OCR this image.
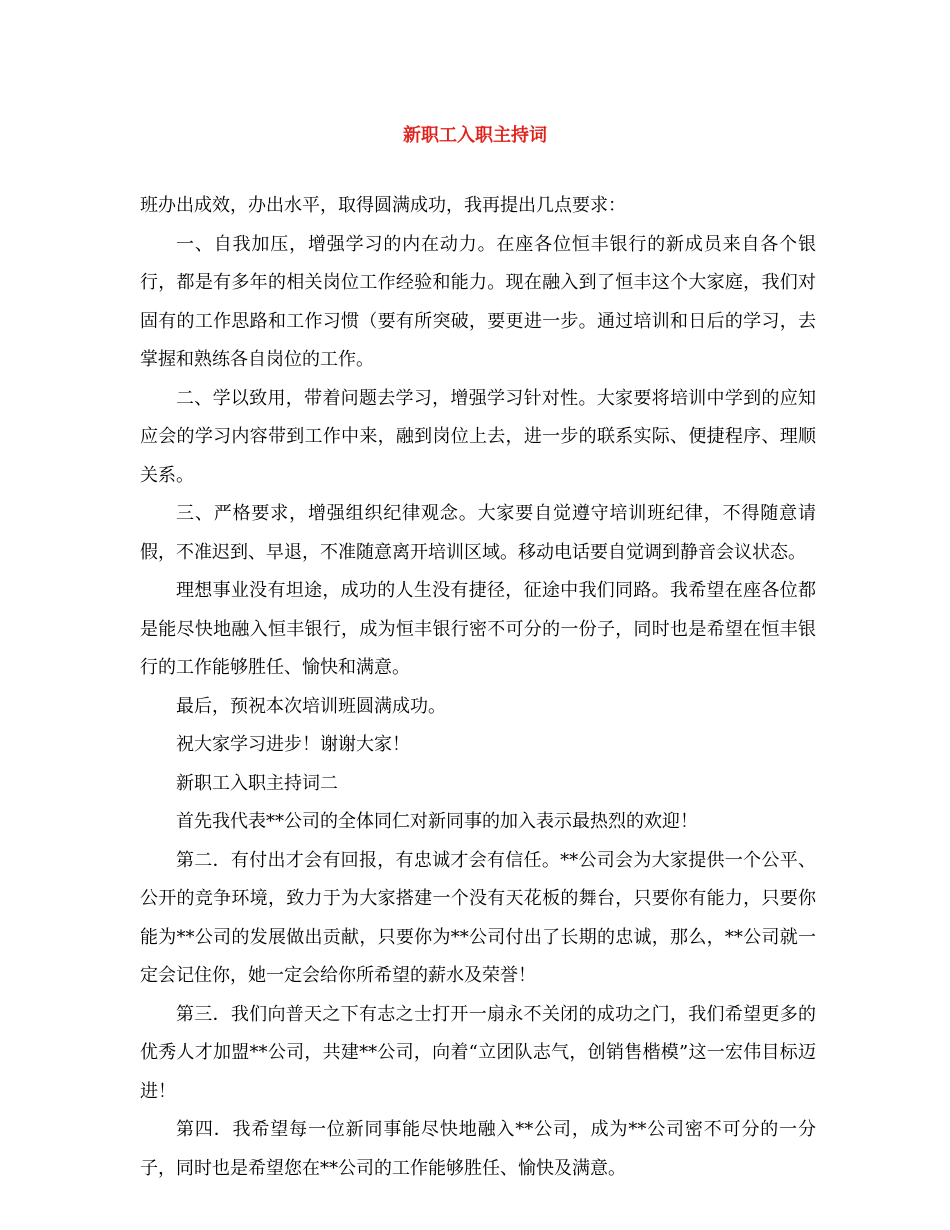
新职工入职主持词

班办出成效，办出水平，取得圆满成功，我再提出几点要求：

一、自我加压，增强学习的内在动力。在座各位恒丰银行的新成员来自各个银行，都是有多年的相关岗位工作经验和能力。现在融入到了恒丰这个大家庭，我们对固有的工作思路和工作习惯（要有所突破，要更进一步。通过培训和日后的学习，去掌握和熟练各自岗位的工作。

二、学以致用，带着问题去学习，增强学习针对性。大家要将培训中学到的应知应会的学习内容带到工作中来，融到岗位上去，进一步的联系实际、便捷程序、理顺关系。

三、严格要求，增强组织纪律观念。大家要自觉遵守培训班纪律，不得随意请假，不准迟到、早退，不准随意离开培训区域。移动电话要自觉调到静音会议状态。

理想事业没有坦途，成功的人生没有捷径，征途中我们同路。我希望在座各位都是能尽快地融入恒丰银行，成为恒丰银行密不可分的一份子，同时也是希望在恒丰银行的工作能够胜任、愉快和满意。

最后，预祝本次培训班圆满成功。

祝大家学习进步！谢谢大家！

新职工入职主持词二

首先我代表**公司的全体同仁对新同事的加入表示最热烈的欢迎！

第二．有付出才会有回报，有忠诚才会有信任。**公司会为大家提供一个公平、公开的竞争环境，致力于为大家搭建一个没有天花板的舞台，只要你有能力，只要你能为**公司的发展做出贡献，只要你为**公司付出了长期的忠诚，那么，**公司就一定会记住你，她一定会给你所希望的薪水及荣誉！

第三．我们向普天之下有志之士打开一扇永不关闭的成功之门，我们希望更多的优秀人才加盟**公司，共建**公司，向着“立团队志气，创销售楷模”这一宏伟目标迈进！

第四．我希望每一位新同事能尽快地融入**公司，成为**公司密不可分的一分子，同时也是希望您在**公司的工作能够胜任、愉快及满意。
